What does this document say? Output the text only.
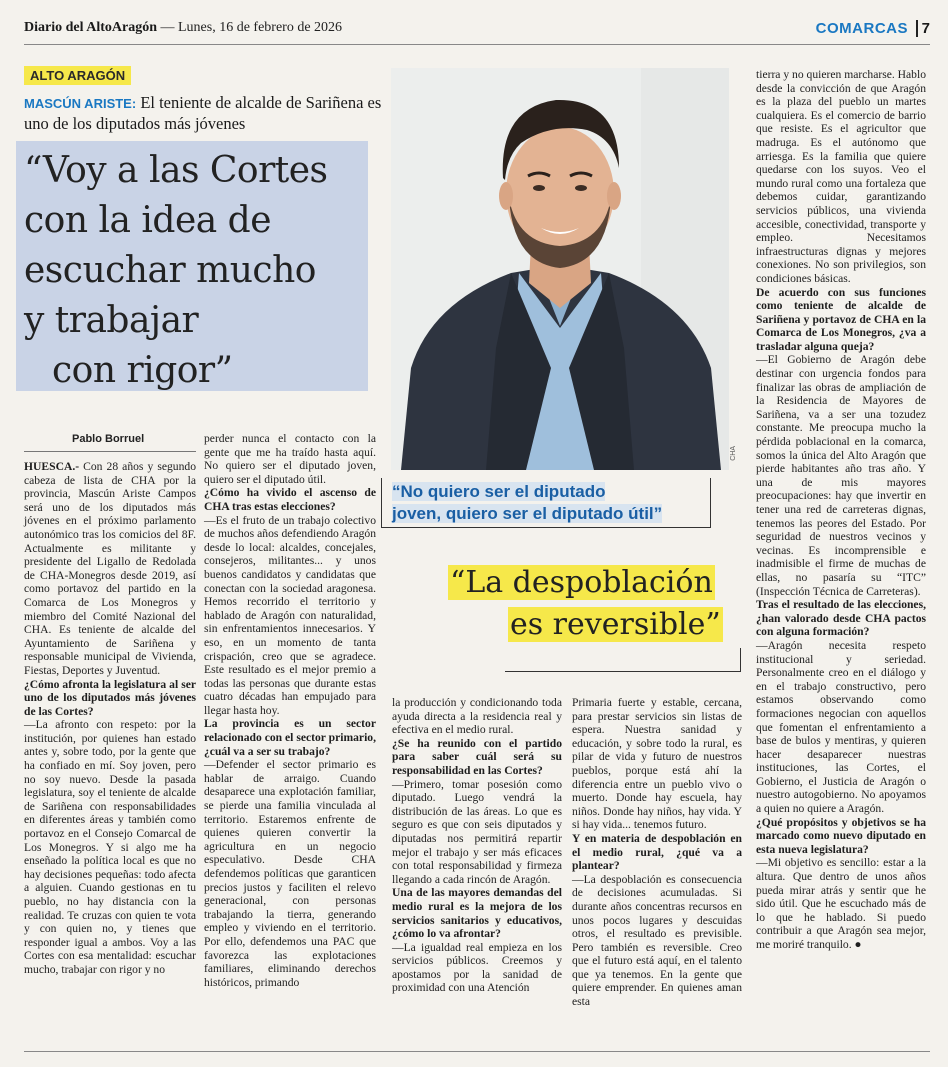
Diario del AltoAragón — Lunes, 16 de febrero de 2026	COMARCAS 7
ALTO ARAGÓN
MASCÚN ARISTE: El teniente de alcalde de Sariñena es uno de los diputados más jóvenes
“Voy a las Cortes
con la idea de
escuchar mucho
y trabajar
con rigor”
CHA
Pablo Borruel

HUESCA.- Con 28 años y segundo cabeza de lista de CHA por la provincia, Mascún Ariste Campos será uno de los diputados más jóvenes en el próximo parlamento autonómico tras los comicios del 8F. Actualmente es militante y presidente del Ligallo de Redolada de CHA-Monegros desde 2019, así como portavoz del partido en la Comarca de Los Monegros y miembro del Comité Nazional del CHA. Es teniente de alcalde del Ayuntamiento de Sariñena y responsable municipal de Vivienda, Fiestas, Deportes y Juventud.

¿Cómo afronta la legislatura al ser uno de los diputados más jóvenes de las Cortes?

—La afronto con respeto: por la institución, por quienes han estado antes y, sobre todo, por la gente que ha confiado en mí. Soy joven, pero no soy nuevo. Desde la pasada legislatura, soy el teniente de alcalde de Sariñena con responsabilidades en diferentes áreas y también como portavoz en el Consejo Comarcal de Los Monegros. Y si algo me ha enseñado la política local es que no hay decisiones pequeñas: todo afecta a alguien. Cuando gestionas en tu pueblo, no hay distancia con la realidad. Te cruzas con quien te vota y con quien no, y tienes que responder igual a ambos. Voy a las Cortes con esa mentalidad: escuchar mucho, trabajar con rigor y no

perder nunca el contacto con la gente que me ha traído hasta aquí. No quiero ser el diputado joven, quiero ser el diputado útil.

¿Cómo ha vivido el ascenso de CHA tras estas elecciones?

—Es el fruto de un trabajo colectivo de muchos años defendiendo Aragón desde lo local: alcaldes, concejales, consejeros, militantes... y unos buenos candidatos y candidatas que conectan con la sociedad aragonesa. Hemos recorrido el territorio y hablado de Aragón con naturalidad, sin enfrentamientos innecesarios. Y eso, en un momento de tanta crispación, creo que se agradece. Este resultado es el mejor premio a todas las personas que durante estas cuatro décadas han empujado para llegar hasta hoy.

La provincia es un sector relacionado con el sector primario, ¿cuál va a ser su trabajo?

—Defender el sector primario es hablar de arraigo. Cuando desaparece una explotación familiar, se pierde una familia vinculada al territorio. Estaremos enfrente de quienes quieren convertir la agricultura en un negocio especulativo. Desde CHA defendemos políticas que garanticen precios justos y faciliten el relevo generacional, con personas trabajando la tierra, generando empleo y viviendo en el territorio. Por ello, defendemos una PAC que favorezca las explotaciones familiares, eliminando derechos históricos, primando

la producción y condicionando toda ayuda directa a la residencia real y efectiva en el medio rural.

¿Se ha reunido con el partido para saber cuál será su responsabilidad en las Cortes?

—Primero, tomar posesión como diputado. Luego vendrá la distribución de las áreas. Lo que es seguro es que con seis diputados y diputadas nos permitirá repartir mejor el trabajo y ser más eficaces con total responsabilidad y firmeza llegando a cada rincón de Aragón.

Una de las mayores demandas del medio rural es la mejora de los servicios sanitarios y educativos, ¿cómo lo va afrontar?

—La igualdad real empieza en los servicios públicos. Creemos y apostamos por la sanidad de proximidad con una Atención

Primaria fuerte y estable, cercana, para prestar servicios sin listas de espera. Nuestra sanidad y educación, y sobre todo la rural, es pilar de vida y futuro de nuestros pueblos, porque está ahí la diferencia entre un pueblo vivo o muerto. Donde hay escuela, hay niños. Donde hay niños, hay vida. Y si hay vida... tenemos futuro.

Y en materia de despoblación en el medio rural, ¿qué va a plantear?

—La despoblación es consecuencia de decisiones acumuladas. Si durante años concentras recursos en unos pocos lugares y descuidas otros, el resultado es previsible. Pero también es reversible. Creo que el futuro está aquí, en el talento que ya tenemos. En la gente que quiere emprender. En quienes aman esta

tierra y no quieren marcharse. Hablo desde la convicción de que Aragón es la plaza del pueblo un martes cualquiera. Es el comercio de barrio que resiste. Es el agricultor que madruga. Es el autónomo que arriesga. Es la familia que quiere quedarse con los suyos. Veo el mundo rural como una fortaleza que debemos cuidar, garantizando servicios públicos, una vivienda accesible, conectividad, transporte y empleo. Necesitamos infraestructuras dignas y mejores conexiones. No son privilegios, son condiciones básicas.

De acuerdo con sus funciones como teniente de alcalde de Sariñena y portavoz de CHA en la Comarca de Los Monegros, ¿va a trasladar alguna queja?

—El Gobierno de Aragón debe destinar con urgencia fondos para finalizar las obras de ampliación de la Residencia de Mayores de Sariñena, va a ser una tozudez constante. Me preocupa mucho la pérdida poblacional en la comarca, somos la única del Alto Aragón que pierde habitantes año tras año. Y una de mis mayores preocupaciones: hay que invertir en tener una red de carreteras dignas, tenemos las peores del Estado. Por seguridad de nuestros vecinos y vecinas. Es incomprensible e inadmisible el firme de muchas de ellas, no pasaría su “ITC” (Inspección Técnica de Carreteras).

Tras el resultado de las elecciones, ¿han valorado desde CHA pactos con alguna formación?

—Aragón necesita respeto institucional y seriedad. Personalmente creo en el diálogo y en el trabajo constructivo, pero estamos observando como formaciones negocian con aquellos que fomentan el enfrentamiento a base de bulos y mentiras, y quieren hacer desaparecer nuestras instituciones, las Cortes, el Gobierno, el Justicia de Aragón o nuestro autogobierno. No apoyamos a quien no quiere a Aragón.

¿Qué propósitos y objetivos se ha marcado como nuevo diputado en esta nueva legislatura?

—Mi objetivo es sencillo: estar a la altura. Que dentro de unos años pueda mirar atrás y sentir que he sido útil. Que he escuchado más de lo que he hablado. Si puedo contribuir a que Aragón sea mejor, me moriré tranquilo. ●

“No quiero ser el diputado
joven, quiero ser el diputado útil”
“La despoblación
es reversible”
